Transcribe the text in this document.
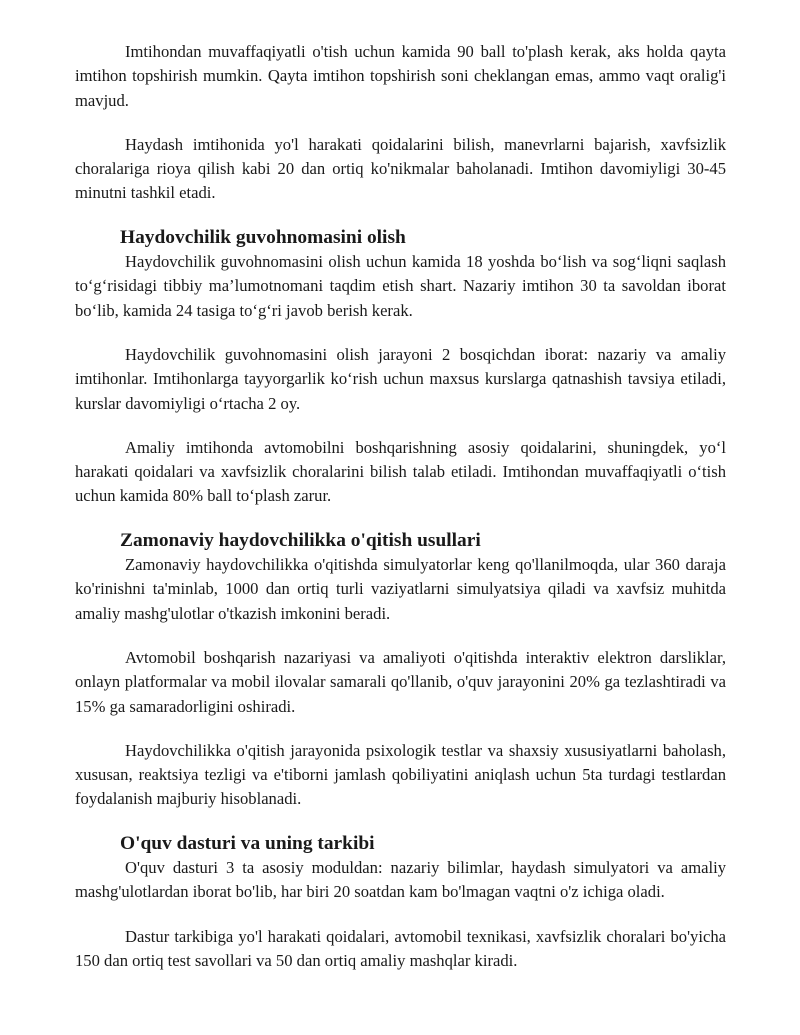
Imtihondan muvaffaqiyatli o'tish uchun kamida 90 ball to'plash kerak, aks holda qayta imtihon topshirish mumkin. Qayta imtihon topshirish soni cheklangan emas, ammo vaqt oralig'i mavjud.

Haydash imtihonida yo'l harakati qoidalarini bilish, manevrlarni bajarish, xavfsizlik choralariga rioya qilish kabi 20 dan ortiq ko'nikmalar baholanadi. Imtihon davomiyligi 30-45 minutni tashkil etadi.

Haydovchilik guvohnomasini olish

Haydovchilik guvohnomasini olish uchun kamida 18 yoshda bo‘lish va sog‘liqni saqlash to‘g‘risidagi tibbiy ma’lumotnomani taqdim etish shart. Nazariy imtihon 30 ta savoldan iborat bo‘lib, kamida 24 tasiga to‘g‘ri javob berish kerak.

Haydovchilik guvohnomasini olish jarayoni 2 bosqichdan iborat: nazariy va amaliy imtihonlar. Imtihonlarga tayyorgarlik ko‘rish uchun maxsus kurslarga qatnashish tavsiya etiladi, kurslar davomiyligi o‘rtacha 2 oy.

Amaliy imtihonda avtomobilni boshqarishning asosiy qoidalarini, shuningdek, yo‘l harakati qoidalari va xavfsizlik choralarini bilish talab etiladi. Imtihondan muvaffaqiyatli o‘tish uchun kamida 80% ball to‘plash zarur.

Zamonaviy haydovchilikka o'qitish usullari

Zamonaviy haydovchilikka o'qitishda simulyatorlar keng qo'llanilmoqda, ular 360 daraja ko'rinishni ta'minlab, 1000 dan ortiq turli vaziyatlarni simulyatsiya qiladi va xavfsiz muhitda amaliy mashg'ulotlar o'tkazish imkonini beradi.

Avtomobil boshqarish nazariyasi va amaliyoti o'qitishda interaktiv elektron darsliklar, onlayn platformalar va mobil ilovalar samarali qo'llanib, o'quv jarayonini 20% ga tezlashtiradi va 15% ga samaradorligini oshiradi.

Haydovchilikka o'qitish jarayonida psixologik testlar va shaxsiy xususiyatlarni baholash, xususan, reaktsiya tezligi va e'tiborni jamlash qobiliyatini aniqlash uchun 5ta turdagi testlardan foydalanish majburiy hisoblanadi.

O'quv dasturi va uning tarkibi

O'quv dasturi 3 ta asosiy moduldan: nazariy bilimlar, haydash simulyatori va amaliy mashg'ulotlardan iborat bo'lib, har biri 20 soatdan kam bo'lmagan vaqtni o'z ichiga oladi.

Dastur tarkibiga yo'l harakati qoidalari, avtomobil texnikasi, xavfsizlik choralari bo'yicha 150 dan ortiq test savollari va 50 dan ortiq amaliy mashqlar kiradi.
